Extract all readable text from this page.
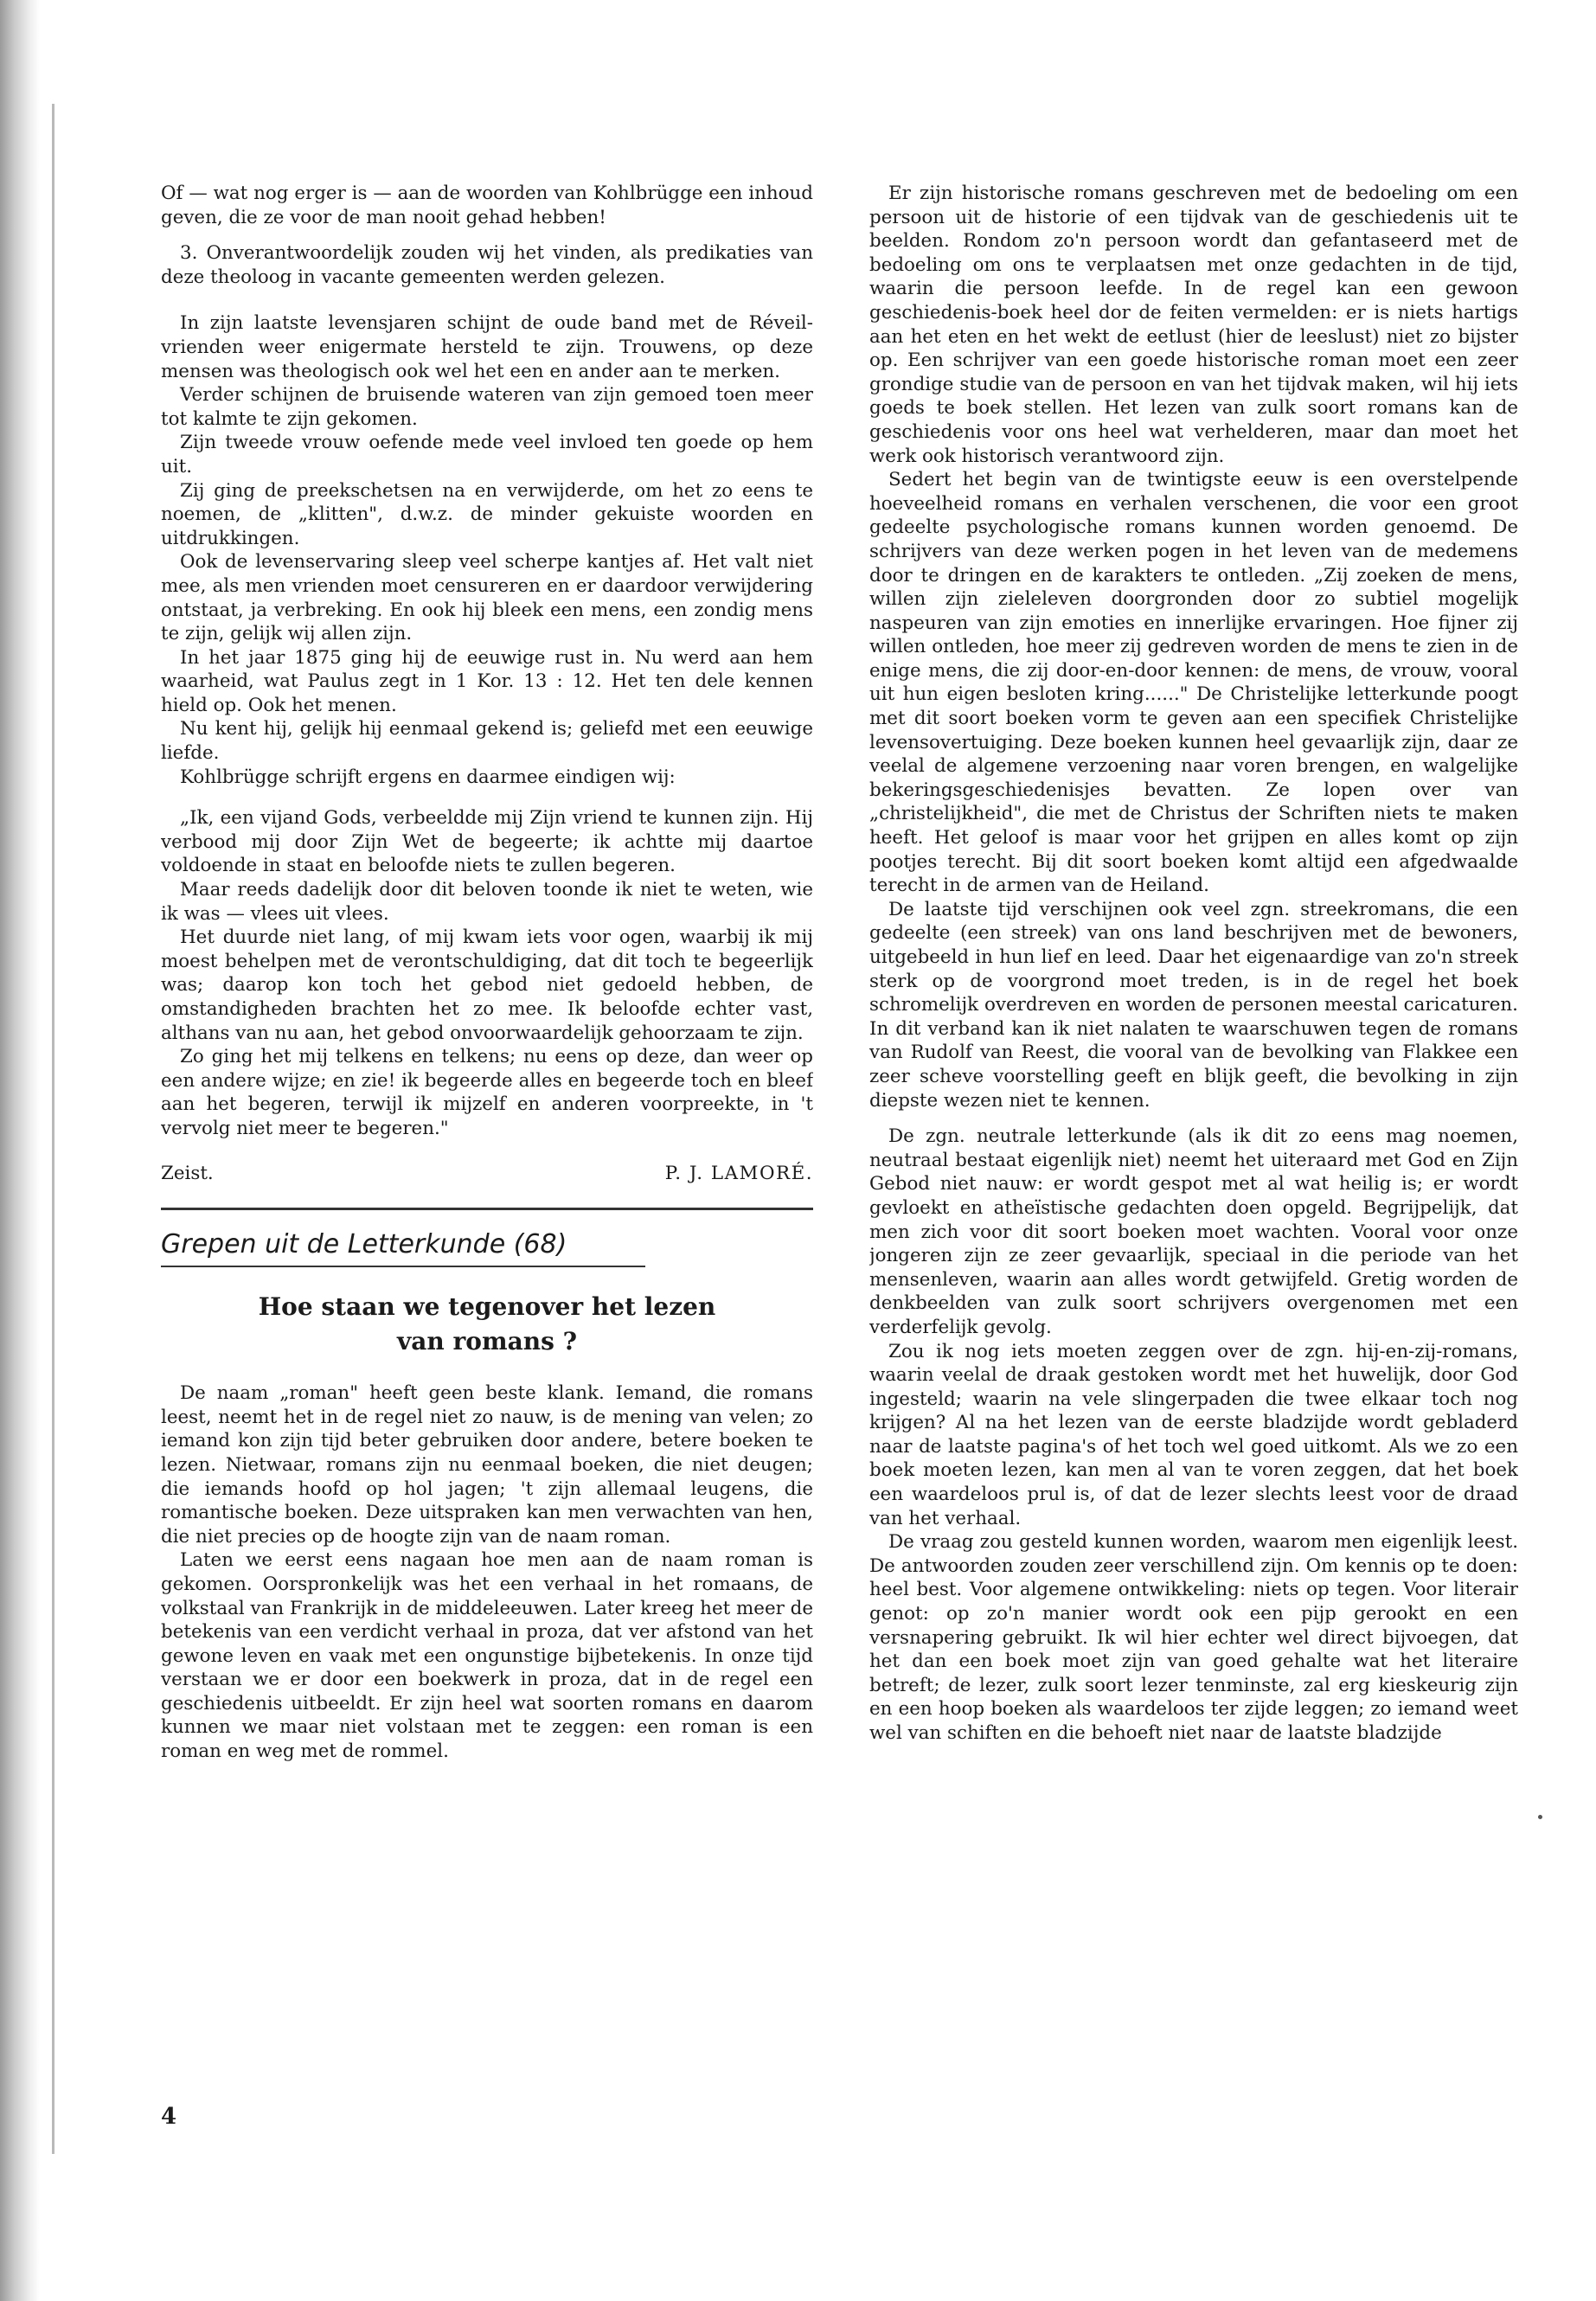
Of — wat nog erger is — aan de woorden van Kohlbrügge een inhoud geven, die ze voor de man nooit gehad hebben!

3. Onverantwoordelijk zouden wij het vinden, als predikaties van deze theoloog in vacante gemeenten werden gelezen.

In zijn laatste levensjaren schijnt de oude band met de Réveil-vrienden weer enigermate hersteld te zijn. Trouwens, op deze mensen was theologisch ook wel het een en ander aan te merken.

Verder schijnen de bruisende wateren van zijn gemoed toen meer tot kalmte te zijn gekomen.

Zijn tweede vrouw oefende mede veel invloed ten goede op hem uit.

Zij ging de preekschetsen na en verwijderde, om het zo eens te noemen, de „klitten", d.w.z. de minder gekuiste woorden en uitdrukkingen.

Ook de levenservaring sleep veel scherpe kantjes af. Het valt niet mee, als men vrienden moet censureren en er daardoor verwijdering ontstaat, ja verbreking. En ook hij bleek een mens, een zondig mens te zijn, gelijk wij allen zijn.

In het jaar 1875 ging hij de eeuwige rust in. Nu werd aan hem waarheid, wat Paulus zegt in 1 Kor. 13 : 12. Het ten dele kennen hield op. Ook het menen.

Nu kent hij, gelijk hij eenmaal gekend is; geliefd met een eeuwige liefde.

Kohlbrügge schrijft ergens en daarmee eindigen wij:

„Ik, een vijand Gods, verbeeldde mij Zijn vriend te kunnen zijn. Hij verbood mij door Zijn Wet de begeerte; ik achtte mij daartoe voldoende in staat en beloofde niets te zullen begeren.

Maar reeds dadelijk door dit beloven toonde ik niet te weten, wie ik was — vlees uit vlees.

Het duurde niet lang, of mij kwam iets voor ogen, waarbij ik mij moest behelpen met de verontschuldiging, dat dit toch te begeerlijk was; daarop kon toch het gebod niet gedoeld hebben, de omstandigheden brachten het zo mee. Ik beloofde echter vast, althans van nu aan, het gebod onvoorwaardelijk gehoorzaam te zijn.

Zo ging het mij telkens en telkens; nu eens op deze, dan weer op een andere wijze; en zie! ik begeerde alles en begeerde toch en bleef aan het begeren, terwijl ik mijzelf en anderen voorpreekte, in 't vervolg niet meer te begeren."

Zeist.	P. J. LAMORÉ.
Grepen uit de Letterkunde (68)
Hoe staan we tegenover het lezen
van romans ?

De naam „roman" heeft geen beste klank. Iemand, die romans leest, neemt het in de regel niet zo nauw, is de mening van velen; zo iemand kon zijn tijd beter gebruiken door andere, betere boeken te lezen. Nietwaar, romans zijn nu eenmaal boeken, die niet deugen; die iemands hoofd op hol jagen; 't zijn allemaal leugens, die romantische boeken. Deze uitspraken kan men verwachten van hen, die niet precies op de hoogte zijn van de naam roman.

Laten we eerst eens nagaan hoe men aan de naam roman is gekomen. Oorspronkelijk was het een verhaal in het romaans, de volkstaal van Frankrijk in de middeleeuwen. Later kreeg het meer de betekenis van een verdicht verhaal in proza, dat ver afstond van het gewone leven en vaak met een ongunstige bijbetekenis. In onze tijd verstaan we er door een boekwerk in proza, dat in de regel een geschiedenis uitbeeldt. Er zijn heel wat soorten romans en daarom kunnen we maar niet volstaan met te zeggen: een roman is een roman en weg met de rommel.

Er zijn historische romans geschreven met de bedoeling om een persoon uit de historie of een tijdvak van de geschiedenis uit te beelden. Rondom zo'n persoon wordt dan gefantaseerd met de bedoeling om ons te verplaatsen met onze gedachten in de tijd, waarin die persoon leefde. In de regel kan een gewoon geschiedenis-boek heel dor de feiten vermelden: er is niets hartigs aan het eten en het wekt de eetlust (hier de leeslust) niet zo bijster op. Een schrijver van een goede historische roman moet een zeer grondige studie van de persoon en van het tijdvak maken, wil hij iets goeds te boek stellen. Het lezen van zulk soort romans kan de geschiedenis voor ons heel wat verhelderen, maar dan moet het werk ook historisch verantwoord zijn.

Sedert het begin van de twintigste eeuw is een overstelpende hoeveelheid romans en verhalen verschenen, die voor een groot gedeelte psychologische romans kunnen worden genoemd. De schrijvers van deze werken pogen in het leven van de medemens door te dringen en de karakters te ontleden. „Zij zoeken de mens, willen zijn zieleleven doorgronden door zo subtiel mogelijk naspeuren van zijn emoties en innerlijke ervaringen. Hoe fijner zij willen ontleden, hoe meer zij gedreven worden de mens te zien in de enige mens, die zij door-en-door kennen: de mens, de vrouw, vooral uit hun eigen besloten kring......" De Christelijke letterkunde poogt met dit soort boeken vorm te geven aan een specifiek Christelijke levensovertuiging. Deze boeken kunnen heel gevaarlijk zijn, daar ze veelal de algemene verzoening naar voren brengen, en walgelijke bekeringsgeschiedenisjes bevatten. Ze lopen over van „christelijkheid", die met de Christus der Schriften niets te maken heeft. Het geloof is maar voor het grijpen en alles komt op zijn pootjes terecht. Bij dit soort boeken komt altijd een afgedwaalde terecht in de armen van de Heiland.

De laatste tijd verschijnen ook veel zgn. streekromans, die een gedeelte (een streek) van ons land beschrijven met de bewoners, uitgebeeld in hun lief en leed. Daar het eigenaardige van zo'n streek sterk op de voorgrond moet treden, is in de regel het boek schromelijk overdreven en worden de personen meestal caricaturen. In dit verband kan ik niet nalaten te waarschuwen tegen de romans van Rudolf van Reest, die vooral van de bevolking van Flakkee een zeer scheve voorstelling geeft en blijk geeft, die bevolking in zijn diepste wezen niet te kennen.

De zgn. neutrale letterkunde (als ik dit zo eens mag noemen, neutraal bestaat eigenlijk niet) neemt het uiteraard met God en Zijn Gebod niet nauw: er wordt gespot met al wat heilig is; er wordt gevloekt en atheïstische gedachten doen opgeld. Begrijpelijk, dat men zich voor dit soort boeken moet wachten. Vooral voor onze jongeren zijn ze zeer gevaarlijk, speciaal in die periode van het mensenleven, waarin aan alles wordt getwijfeld. Gretig worden de denkbeelden van zulk soort schrijvers overgenomen met een verderfelijk gevolg.

Zou ik nog iets moeten zeggen over de zgn. hij-en-zij-romans, waarin veelal de draak gestoken wordt met het huwelijk, door God ingesteld; waarin na vele slingerpaden die twee elkaar toch nog krijgen? Al na het lezen van de eerste bladzijde wordt gebladerd naar de laatste pagina's of het toch wel goed uitkomt. Als we zo een boek moeten lezen, kan men al van te voren zeggen, dat het boek een waardeloos prul is, of dat de lezer slechts leest voor de draad van het verhaal.

De vraag zou gesteld kunnen worden, waarom men eigenlijk leest. De antwoorden zouden zeer verschillend zijn. Om kennis op te doen: heel best. Voor algemene ontwikkeling: niets op tegen. Voor literair genot: op zo'n manier wordt ook een pijp gerookt en een versnapering gebruikt. Ik wil hier echter wel direct bijvoegen, dat het dan een boek moet zijn van goed gehalte wat het literaire betreft; de lezer, zulk soort lezer tenminste, zal erg kieskeurig zijn en een hoop boeken als waardeloos ter zijde leggen; zo iemand weet wel van schiften en die behoeft niet naar de laatste bladzijde

4
